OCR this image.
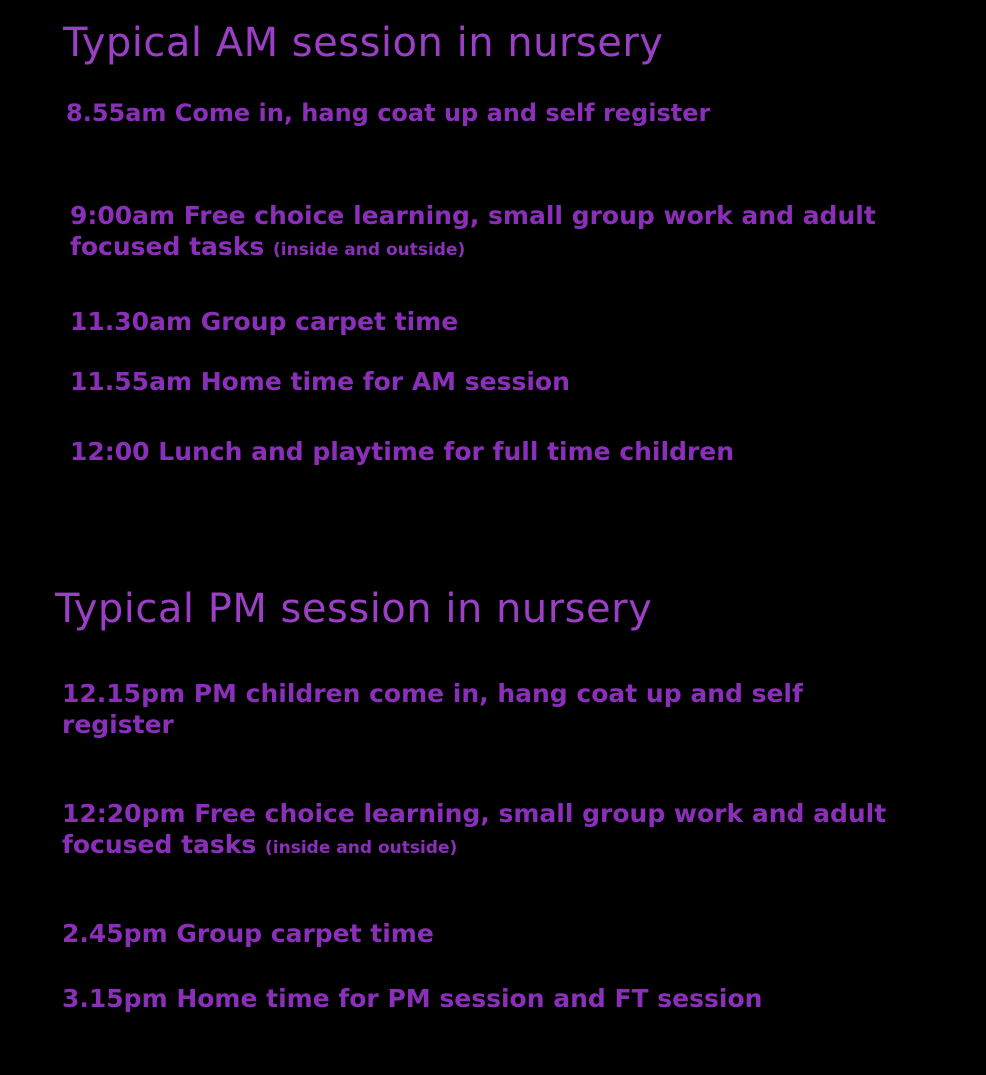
Typical AM session in nursery
8.55am Come in, hang coat up and self register
9:00am Free choice learning, small group work and adult focused tasks (inside and outside)
11.30am Group carpet time
11.55am Home time for AM session
12:00 Lunch and playtime for full time children
Typical PM session in nursery
12.15pm PM children come in, hang coat up and self register
12:20pm Free choice learning, small group work and adult focused tasks (inside and outside)
2.45pm Group carpet time
3.15pm Home time for PM session and FT session
